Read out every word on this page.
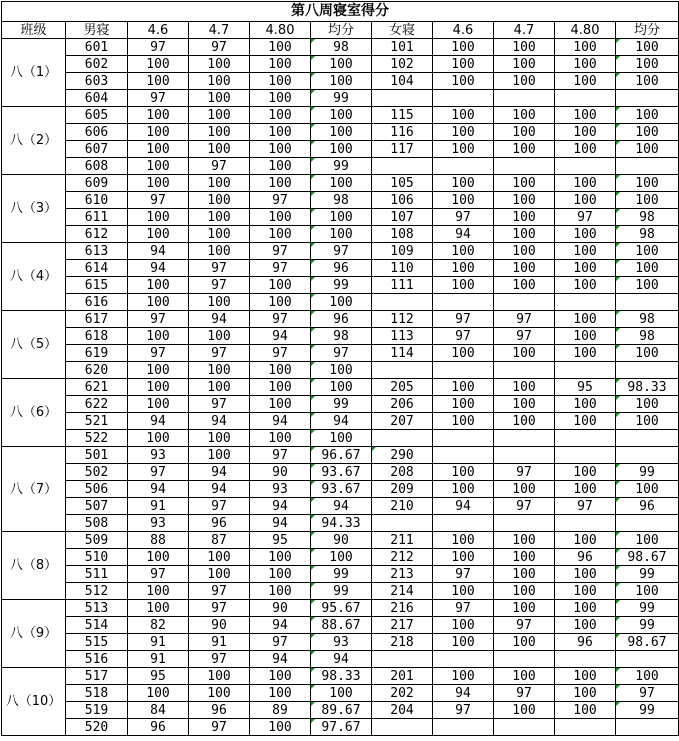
第八周寝室得分										
班级	男寝	4.6	4.7	4.80	均分	女寝	4.6	4.7	4.80	均分
八（1）	601	97	97	100	98	101	100	100	100	100
	602	100	100	100	100	102	100	100	100	100
	603	100	100	100	100	104	100	100	100	100
	604	97	100	100	99					
八（2）	605	100	100	100	100	115	100	100	100	100
	606	100	100	100	100	116	100	100	100	100
	607	100	100	100	100	117	100	100	100	100
	608	100	97	100	99					
八（3）	609	100	100	100	100	105	100	100	100	100
	610	97	100	97	98	106	100	100	100	100
	611	100	100	100	100	107	97	100	97	98
	612	100	100	100	100	108	94	100	100	98
八（4）	613	94	100	97	97	109	100	100	100	100
	614	94	97	97	96	110	100	100	100	100
	615	100	97	100	99	111	100	100	100	100
	616	100	100	100	100					
八（5）	617	97	94	97	96	112	97	97	100	98
	618	100	100	94	98	113	97	97	100	98
	619	97	97	97	97	114	100	100	100	100
	620	100	100	100	100					
八（6）	621	100	100	100	100	205	100	100	95	98.33
	622	100	97	100	99	206	100	100	100	100
	521	94	94	94	94	207	100	100	100	100
	522	100	100	100	100					
八（7）	501	93	100	97	96.67	290				
	502	97	94	90	93.67	208	100	97	100	99
	506	94	94	93	93.67	209	100	100	100	100
	507	91	97	94	94	210	94	97	97	96
	508	93	96	94	94.33					
八（8）	509	88	87	95	90	211	100	100	100	100
	510	100	100	100	100	212	100	100	96	98.67
	511	97	100	100	99	213	97	100	100	99
	512	100	97	100	99	214	100	100	100	100
八（9）	513	100	97	90	95.67	216	97	100	100	99
	514	82	90	94	88.67	217	100	97	100	99
	515	91	91	97	93	218	100	100	96	98.67
	516	91	97	94	94					
八（10）	517	95	100	100	98.33	201	100	100	100	100
	518	100	100	100	100	202	94	97	100	97
	519	84	96	89	89.67	204	97	100	100	99
	520	96	97	100	97.67					
